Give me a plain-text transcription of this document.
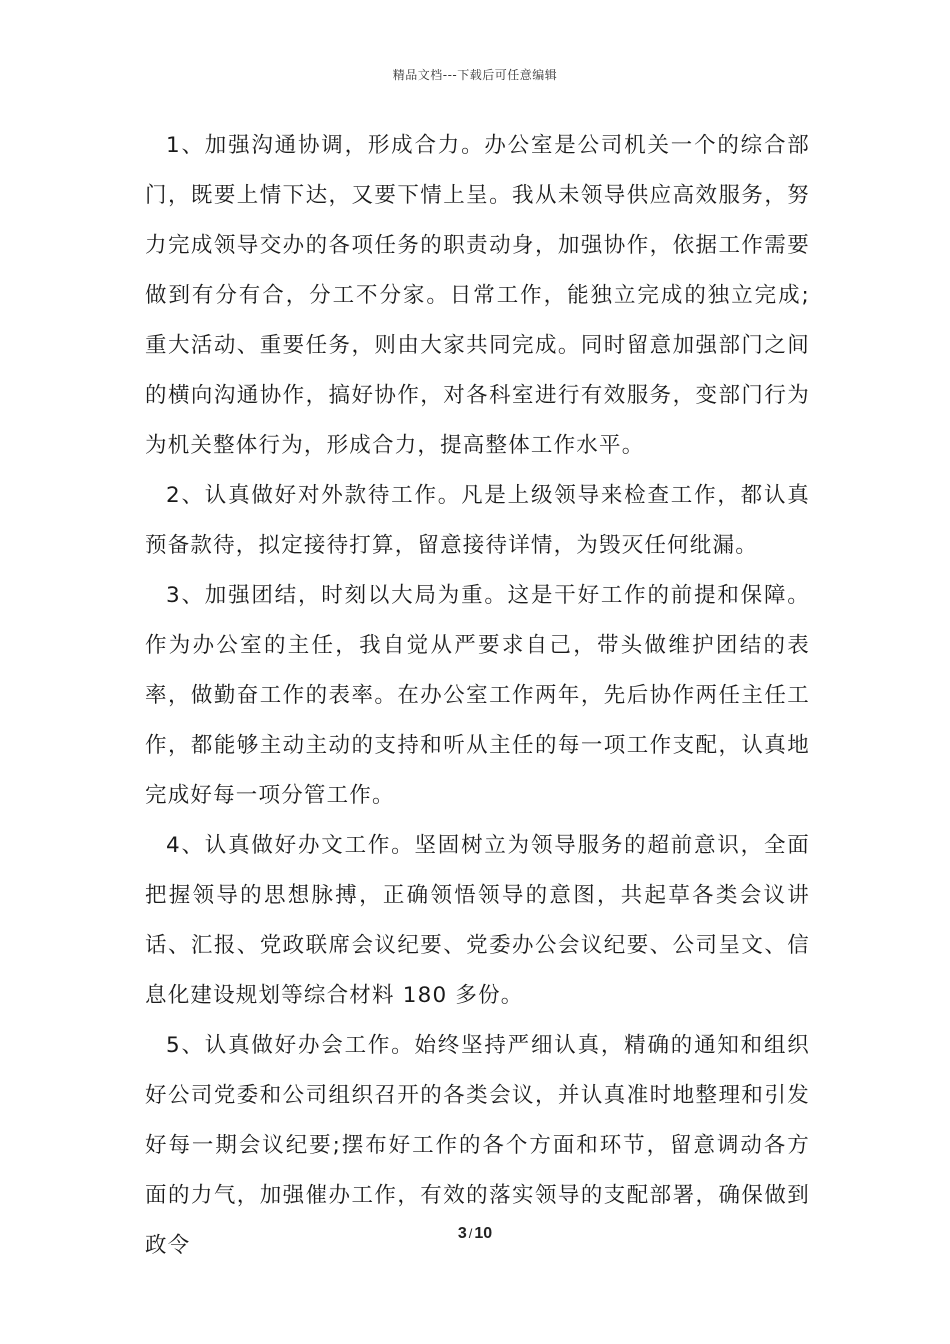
精品文档---下载后可任意编辑

1、加强沟通协调，形成合力。办公室是公司机关一个的综合部门，既要上情下达，又要下情上呈。我从未领导供应高效服务，努力完成领导交办的各项任务的职责动身，加强协作，依据工作需要做到有分有合，分工不分家。日常工作，能独立完成的独立完成;重大活动、重要任务，则由大家共同完成。同时留意加强部门之间的横向沟通协作，搞好协作，对各科室进行有效服务，变部门行为为机关整体行为，形成合力，提高整体工作水平。

2、认真做好对外款待工作。凡是上级领导来检查工作，都认真预备款待，拟定接待打算，留意接待详情，为毁灭任何纰漏。

3、加强团结，时刻以大局为重。这是干好工作的前提和保障。作为办公室的主任，我自觉从严要求自己，带头做维护团结的表率，做勤奋工作的表率。在办公室工作两年，先后协作两任主任工作，都能够主动主动的支持和听从主任的每一项工作支配，认真地完成好每一项分管工作。

4、认真做好办文工作。坚固树立为领导服务的超前意识，全面把握领导的思想脉搏，正确领悟领导的意图，共起草各类会议讲话、汇报、党政联席会议纪要、党委办公会议纪要、公司呈文、信息化建设规划等综合材料 180 多份。

5、认真做好办会工作。始终坚持严细认真，精确的通知和组织好公司党委和公司组织召开的各类会议，并认真准时地整理和引发好每一期会议纪要;摆布好工作的各个方面和环节，留意调动各方面的力气，加强催办工作，有效的落实领导的支配部署，确保做到政令	3 / 10
